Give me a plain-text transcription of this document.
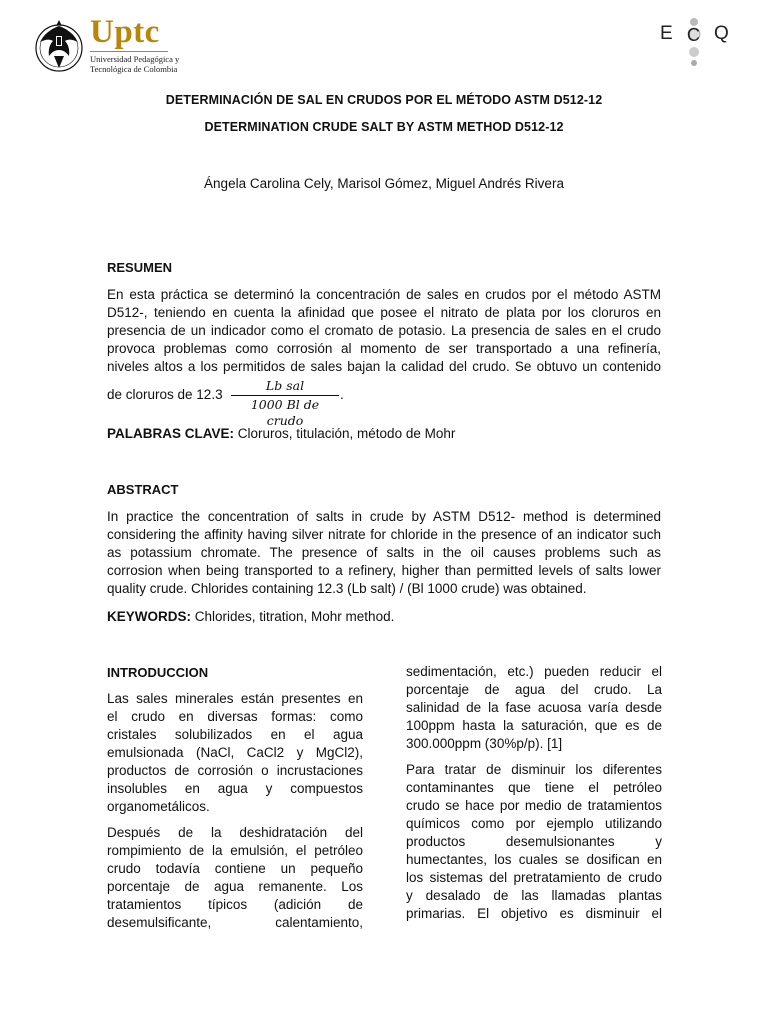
Uptc
Universidad Pedagógica y
Tecnológica de Colombia
E C Q
DETERMINACIÓN DE SAL EN CRUDOS POR EL MÉTODO ASTM D512-12
DETERMINATION CRUDE SALT BY ASTM METHOD D512-12
Ángela Carolina Cely, Marisol Gómez, Miguel Andrés Rivera
RESUMEN
En esta práctica se determinó la concentración de sales en crudos por el método ASTM
D512-, teniendo en cuenta la afinidad que posee el nitrato de plata por los cloruros en
presencia de un indicador como el cromato de potasio. La presencia de sales en el crudo
provoca problemas como corrosión al momento de ser transportado a una refinería,
niveles altos a los permitidos de sales bajan la calidad del crudo. Se obtuvo un contenido
de cloruros de 12.3
Lb sal
1000 Bl de crudo
.
PALABRAS CLAVE: Cloruros, titulación, método de Mohr
ABSTRACT
In practice the concentration of salts in crude by ASTM D512- method is determined
considering the affinity having silver nitrate for chloride in the presence of an indicator such
as potassium chromate. The presence of salts in the oil causes problems such as
corrosion when being transported to a refinery, higher than permitted levels of salts lower
quality crude. Chlorides containing 12.3 (Lb salt) / (Bl 1000 crude) was obtained.
KEYWORDS: Chlorides, titration, Mohr method.
INTRODUCCION
Las sales minerales están presentes en
el crudo en diversas formas: como
cristales solubilizados en el agua
emulsionada (NaCl, CaCl2 y MgCl2),
productos de corrosión o incrustaciones
insolubles en agua y compuestos
organometálicos.
Después de la deshidratación del
rompimiento de la emulsión, el petróleo
crudo todavía contiene un pequeño
porcentaje de agua remanente. Los
tratamientos típicos (adición de
desemulsificante, calentamiento,
sedimentación, etc.) pueden reducir el
porcentaje de agua del crudo. La
salinidad de la fase acuosa varía desde
100ppm hasta la saturación, que es de
300.000ppm (30%p/p). [1]
Para tratar de disminuir los diferentes
contaminantes que tiene el petróleo
crudo se hace por medio de tratamientos
químicos como por ejemplo utilizando
productos desemulsionantes y
humectantes, los cuales se dosifican en
los sistemas del pretratamiento de crudo
y desalado de las llamadas plantas
primarias. El objetivo es disminuir el
